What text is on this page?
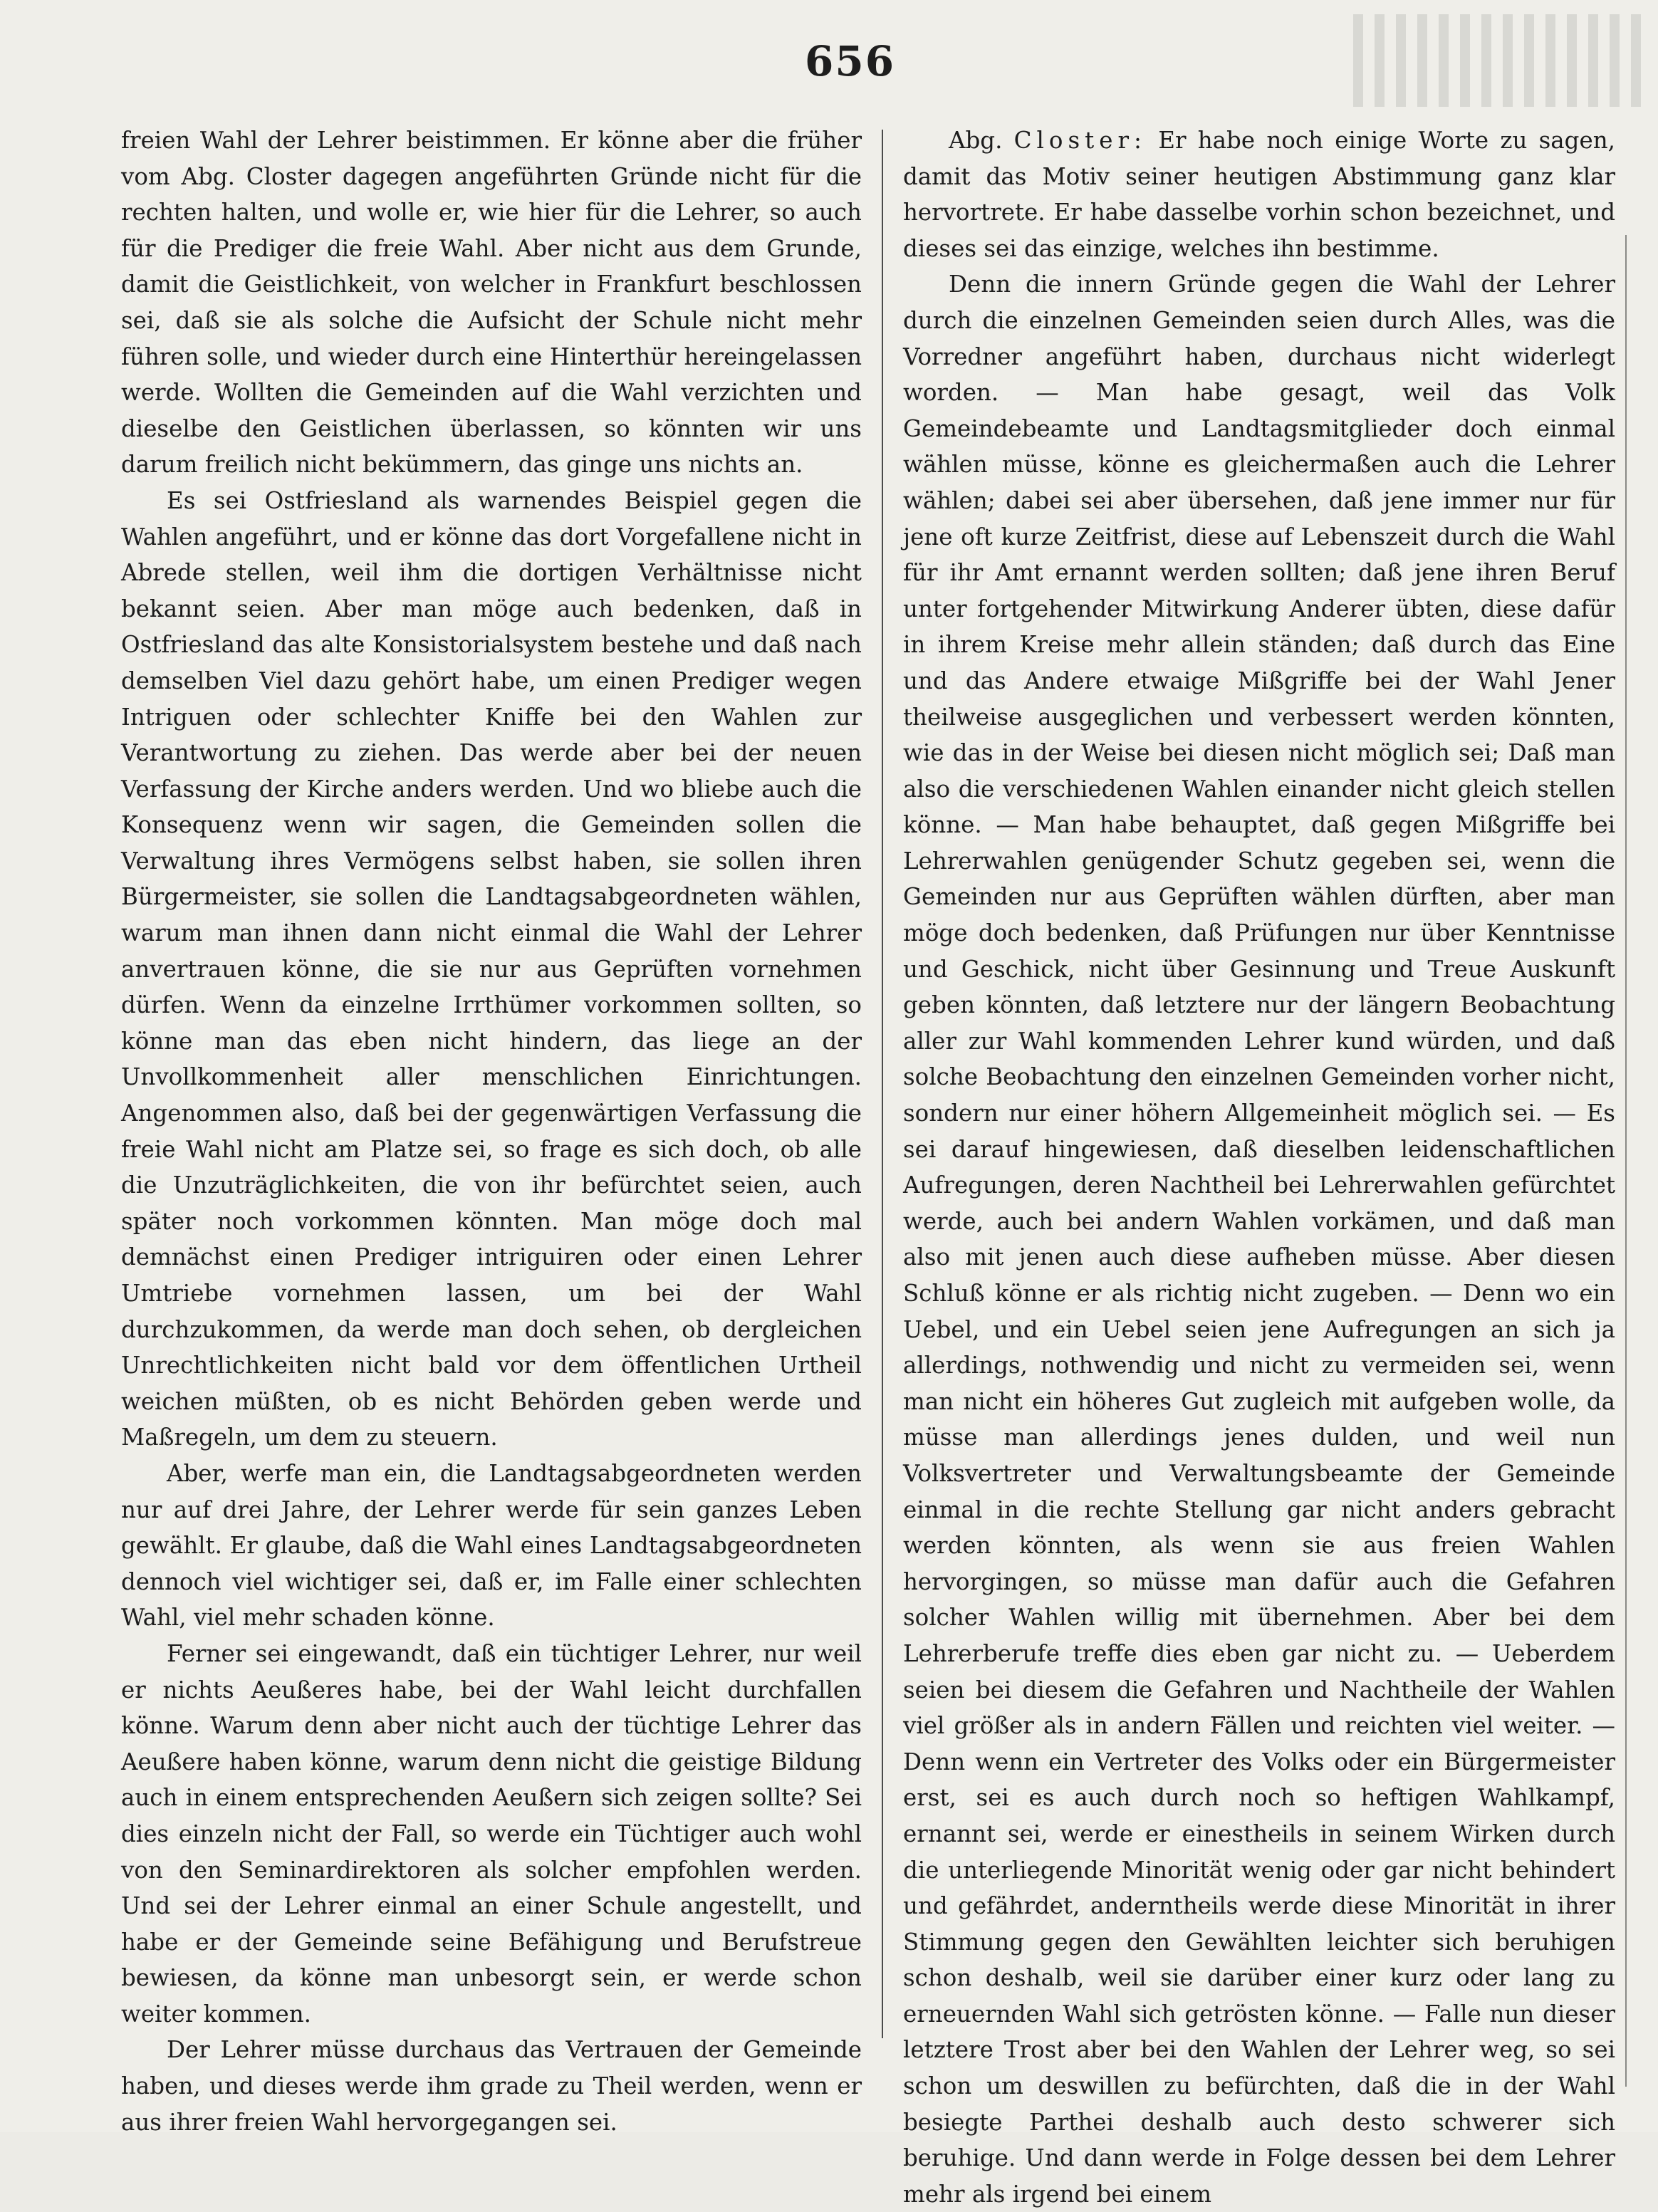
656

freien Wahl der Lehrer beistimmen. Er könne aber die früher vom Abg. Closter dagegen angeführten Gründe nicht für die rechten halten, und wolle er, wie hier für die Lehrer, so auch für die Prediger die freie Wahl. Aber nicht aus dem Grunde, damit die Geistlichkeit, von welcher in Frankfurt beschlossen sei, daß sie als solche die Aufsicht der Schule nicht mehr führen solle, und wieder durch eine Hinterthür hereingelassen werde. Wollten die Gemeinden auf die Wahl verzichten und dieselbe den Geistlichen überlassen, so könnten wir uns darum freilich nicht bekümmern, das ginge uns nichts an.

Es sei Ostfriesland als warnendes Beispiel gegen die Wahlen angeführt, und er könne das dort Vorgefallene nicht in Abrede stellen, weil ihm die dortigen Verhältnisse nicht bekannt seien. Aber man möge auch bedenken, daß in Ostfriesland das alte Konsistorialsystem bestehe und daß nach demselben Viel dazu gehört habe, um einen Prediger wegen Intriguen oder schlechter Kniffe bei den Wahlen zur Verantwortung zu ziehen. Das werde aber bei der neuen Verfassung der Kirche anders werden. Und wo bliebe auch die Konsequenz wenn wir sagen, die Gemeinden sollen die Verwaltung ihres Vermögens selbst haben, sie sollen ihren Bürgermeister, sie sollen die Landtagsabgeordneten wählen, warum man ihnen dann nicht einmal die Wahl der Lehrer anvertrauen könne, die sie nur aus Geprüften vornehmen dürfen. Wenn da einzelne Irrthümer vorkommen sollten, so könne man das eben nicht hindern, das liege an der Unvollkommenheit aller menschlichen Einrichtungen. Angenommen also, daß bei der gegenwärtigen Verfassung die freie Wahl nicht am Platze sei, so frage es sich doch, ob alle die Unzuträglichkeiten, die von ihr befürchtet seien, auch später noch vorkommen könnten. Man möge doch mal demnächst einen Prediger intriguiren oder einen Lehrer Umtriebe vornehmen lassen, um bei der Wahl durchzukommen, da werde man doch sehen, ob dergleichen Unrechtlichkeiten nicht bald vor dem öffentlichen Urtheil weichen müßten, ob es nicht Behörden geben werde und Maßregeln, um dem zu steuern.

Aber, werfe man ein, die Landtagsabgeordneten werden nur auf drei Jahre, der Lehrer werde für sein ganzes Leben gewählt. Er glaube, daß die Wahl eines Landtagsabgeordneten dennoch viel wichtiger sei, daß er, im Falle einer schlechten Wahl, viel mehr schaden könne.

Ferner sei eingewandt, daß ein tüchtiger Lehrer, nur weil er nichts Aeußeres habe, bei der Wahl leicht durchfallen könne. Warum denn aber nicht auch der tüchtige Lehrer das Aeußere haben könne, warum denn nicht die geistige Bildung auch in einem entsprechenden Aeußern sich zeigen sollte? Sei dies einzeln nicht der Fall, so werde ein Tüchtiger auch wohl von den Seminardirektoren als solcher empfohlen werden. Und sei der Lehrer einmal an einer Schule angestellt, und habe er der Gemeinde seine Befähigung und Berufstreue bewiesen, da könne man unbesorgt sein, er werde schon weiter kommen.

Der Lehrer müsse durchaus das Vertrauen der Gemeinde haben, und dieses werde ihm grade zu Theil werden, wenn er aus ihrer freien Wahl hervorgegangen sei.

Abg. Closter: Er habe noch einige Worte zu sagen, damit das Motiv seiner heutigen Abstimmung ganz klar hervortrete. Er habe dasselbe vorhin schon bezeichnet, und dieses sei das einzige, welches ihn bestimme.

Denn die innern Gründe gegen die Wahl der Lehrer durch die einzelnen Gemeinden seien durch Alles, was die Vorredner angeführt haben, durchaus nicht widerlegt worden. — Man habe gesagt, weil das Volk Gemeindebeamte und Landtagsmitglieder doch einmal wählen müsse, könne es gleichermaßen auch die Lehrer wählen; dabei sei aber übersehen, daß jene immer nur für jene oft kurze Zeitfrist, diese auf Lebenszeit durch die Wahl für ihr Amt ernannt werden sollten; daß jene ihren Beruf unter fortgehender Mitwirkung Anderer übten, diese dafür in ihrem Kreise mehr allein ständen; daß durch das Eine und das Andere etwaige Mißgriffe bei der Wahl Jener theilweise ausgeglichen und verbessert werden könnten, wie das in der Weise bei diesen nicht möglich sei; Daß man also die verschiedenen Wahlen einander nicht gleich stellen könne. — Man habe behauptet, daß gegen Mißgriffe bei Lehrerwahlen genügender Schutz gegeben sei, wenn die Gemeinden nur aus Geprüften wählen dürften, aber man möge doch bedenken, daß Prüfungen nur über Kenntnisse und Geschick, nicht über Gesinnung und Treue Auskunft geben könnten, daß letztere nur der längern Beobachtung aller zur Wahl kommenden Lehrer kund würden, und daß solche Beobachtung den einzelnen Gemeinden vorher nicht, sondern nur einer höhern Allgemeinheit möglich sei. — Es sei darauf hingewiesen, daß dieselben leidenschaftlichen Aufregungen, deren Nachtheil bei Lehrerwahlen gefürchtet werde, auch bei andern Wahlen vorkämen, und daß man also mit jenen auch diese aufheben müsse. Aber diesen Schluß könne er als richtig nicht zugeben. — Denn wo ein Uebel, und ein Uebel seien jene Aufregungen an sich ja allerdings, nothwendig und nicht zu vermeiden sei, wenn man nicht ein höheres Gut zugleich mit aufgeben wolle, da müsse man allerdings jenes dulden, und weil nun Volksvertreter und Verwaltungsbeamte der Gemeinde einmal in die rechte Stellung gar nicht anders gebracht werden könnten, als wenn sie aus freien Wahlen hervorgingen, so müsse man dafür auch die Gefahren solcher Wahlen willig mit übernehmen. Aber bei dem Lehrerberufe treffe dies eben gar nicht zu. — Ueberdem seien bei diesem die Gefahren und Nachtheile der Wahlen viel größer als in andern Fällen und reichten viel weiter. — Denn wenn ein Vertreter des Volks oder ein Bürgermeister erst, sei es auch durch noch so heftigen Wahlkampf, ernannt sei, werde er einestheils in seinem Wirken durch die unterliegende Minorität wenig oder gar nicht behindert und gefährdet, anderntheils werde diese Minorität in ihrer Stimmung gegen den Gewählten leichter sich beruhigen schon deshalb, weil sie darüber einer kurz oder lang zu erneuernden Wahl sich getrösten könne. — Falle nun dieser letztere Trost aber bei den Wahlen der Lehrer weg, so sei schon um deswillen zu befürchten, daß die in der Wahl besiegte Parthei deshalb auch desto schwerer sich beruhige. Und dann werde in Folge dessen bei dem Lehrer mehr als irgend bei einem
